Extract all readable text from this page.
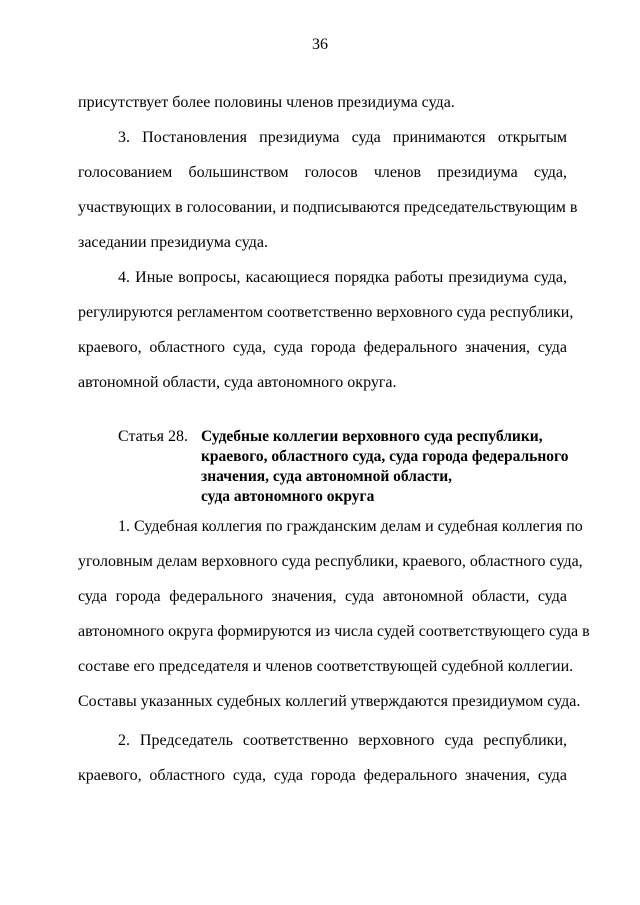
36
присутствует более половины членов президиума суда.
3. Постановления президиума суда принимаются открытым
голосованием большинством голосов членов президиума суда,
участвующих в голосовании, и подписываются председательствующим в
заседании президиума суда.
4. Иные вопросы, касающиеся порядка работы президиума суда,
регулируются регламентом соответственно верховного суда республики,
краевого, областного суда, суда города федерального значения, суда
автономной области, суда автономного округа.
Статья 28. Судебные коллегии верховного суда республики,
краевого, областного суда, суда города федерального
значения, суда автономной области,
суда автономного округа
1. Судебная коллегия по гражданским делам и судебная коллегия по
уголовным делам верховного суда республики, краевого, областного суда,
суда города федерального значения, суда автономной области, суда
автономного округа формируются из числа судей соответствующего суда в
составе его председателя и членов соответствующей судебной коллегии.
Составы указанных судебных коллегий утверждаются президиумом суда.
2. Председатель соответственно верховного суда республики,
краевого, областного суда, суда города федерального значения, суда
